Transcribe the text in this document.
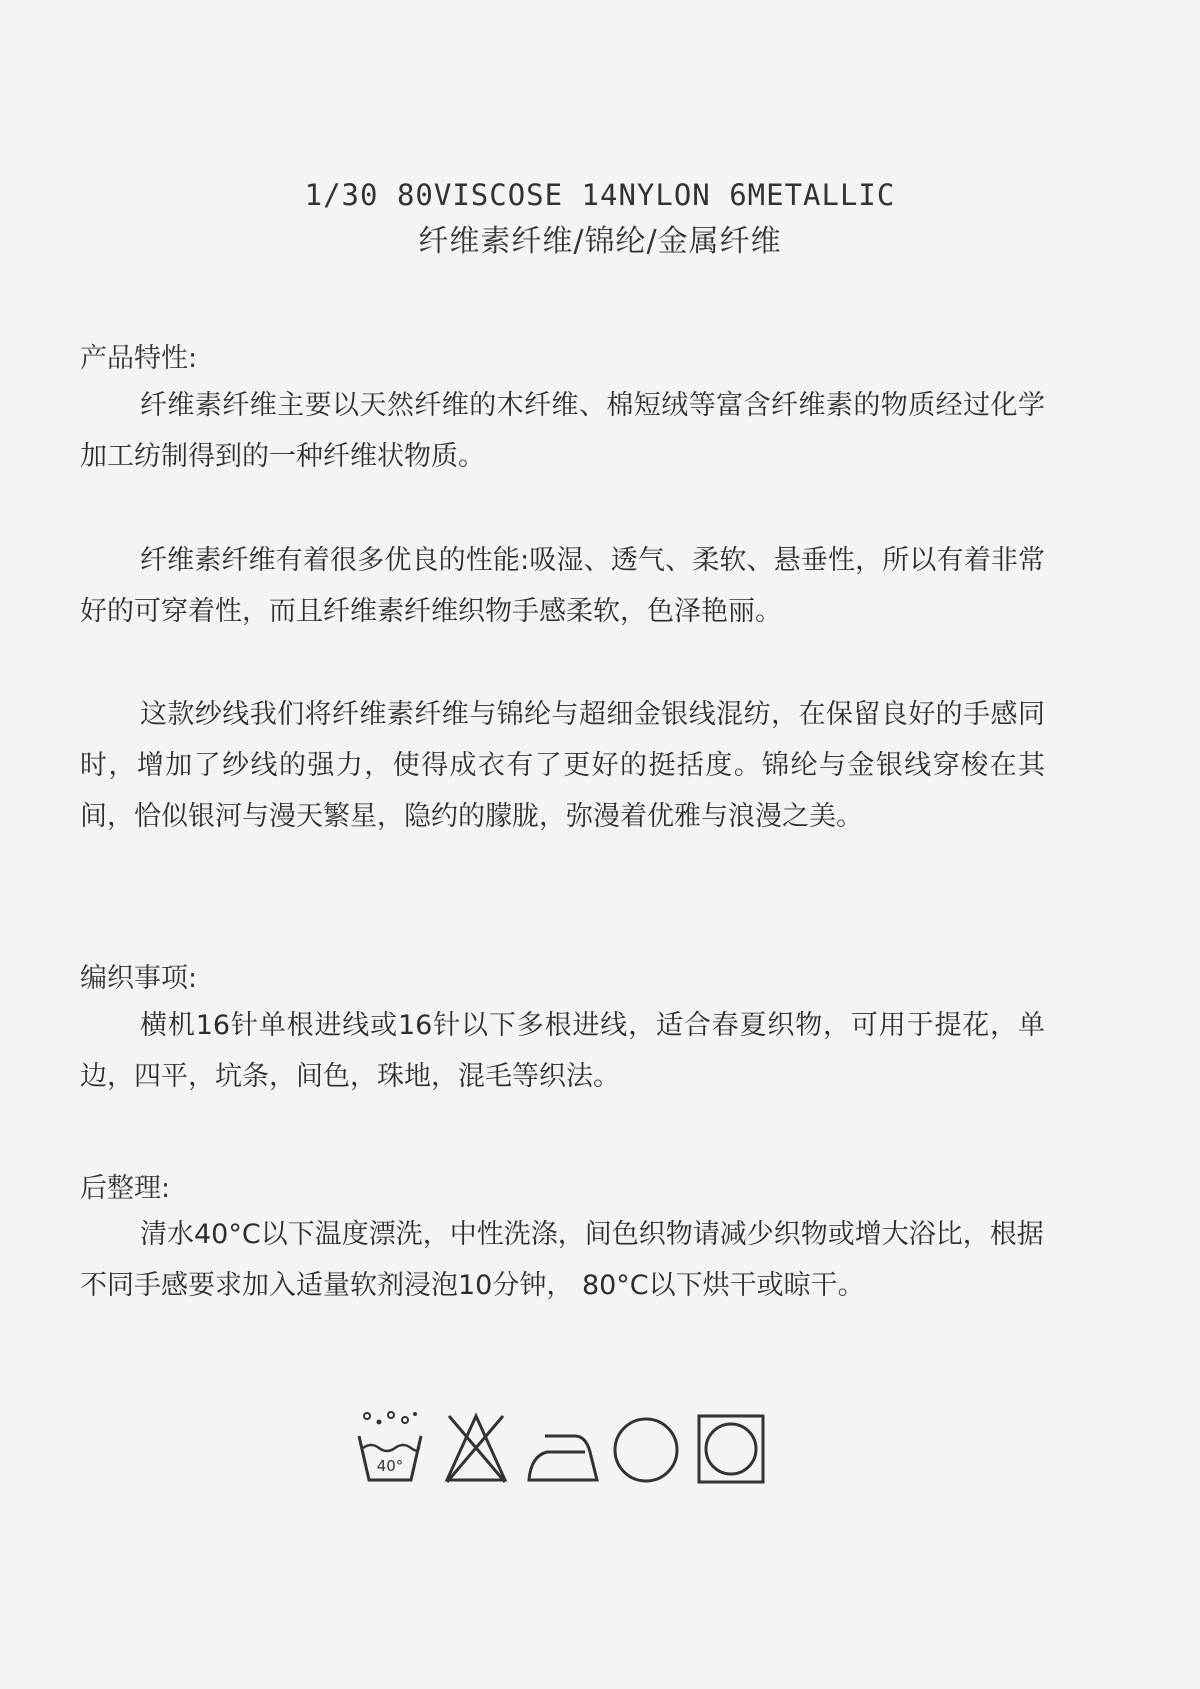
1/30 80VISCOSE 14NYLON 6METALLIC
纤维素纤维/锦纶/金属纤维
产品特性:
纤维素纤维主要以天然纤维的木纤维、棉短绒等富含纤维素的物质经过化学加工纺制得到的一种纤维状物质。
纤维素纤维有着很多优良的性能:吸湿、透气、柔软、悬垂性，所以有着非常好的可穿着性，而且纤维素纤维织物手感柔软，色泽艳丽。
这款纱线我们将纤维素纤维与锦纶与超细金银线混纺，在保留良好的手感同时，增加了纱线的强力，使得成衣有了更好的挺括度。锦纶与金银线穿梭在其间，恰似银河与漫天繁星，隐约的朦胧，弥漫着优雅与浪漫之美。
编织事项:
横机16针单根进线或16针以下多根进线，适合春夏织物，可用于提花，单边，四平，坑条，间色，珠地，混毛等织法。
后整理:
清水40°C以下温度漂洗，中性洗涤，间色织物请减少织物或增大浴比，根据不同手感要求加入适量软剂浸泡10分钟， 80°C以下烘干或晾干。
40°
